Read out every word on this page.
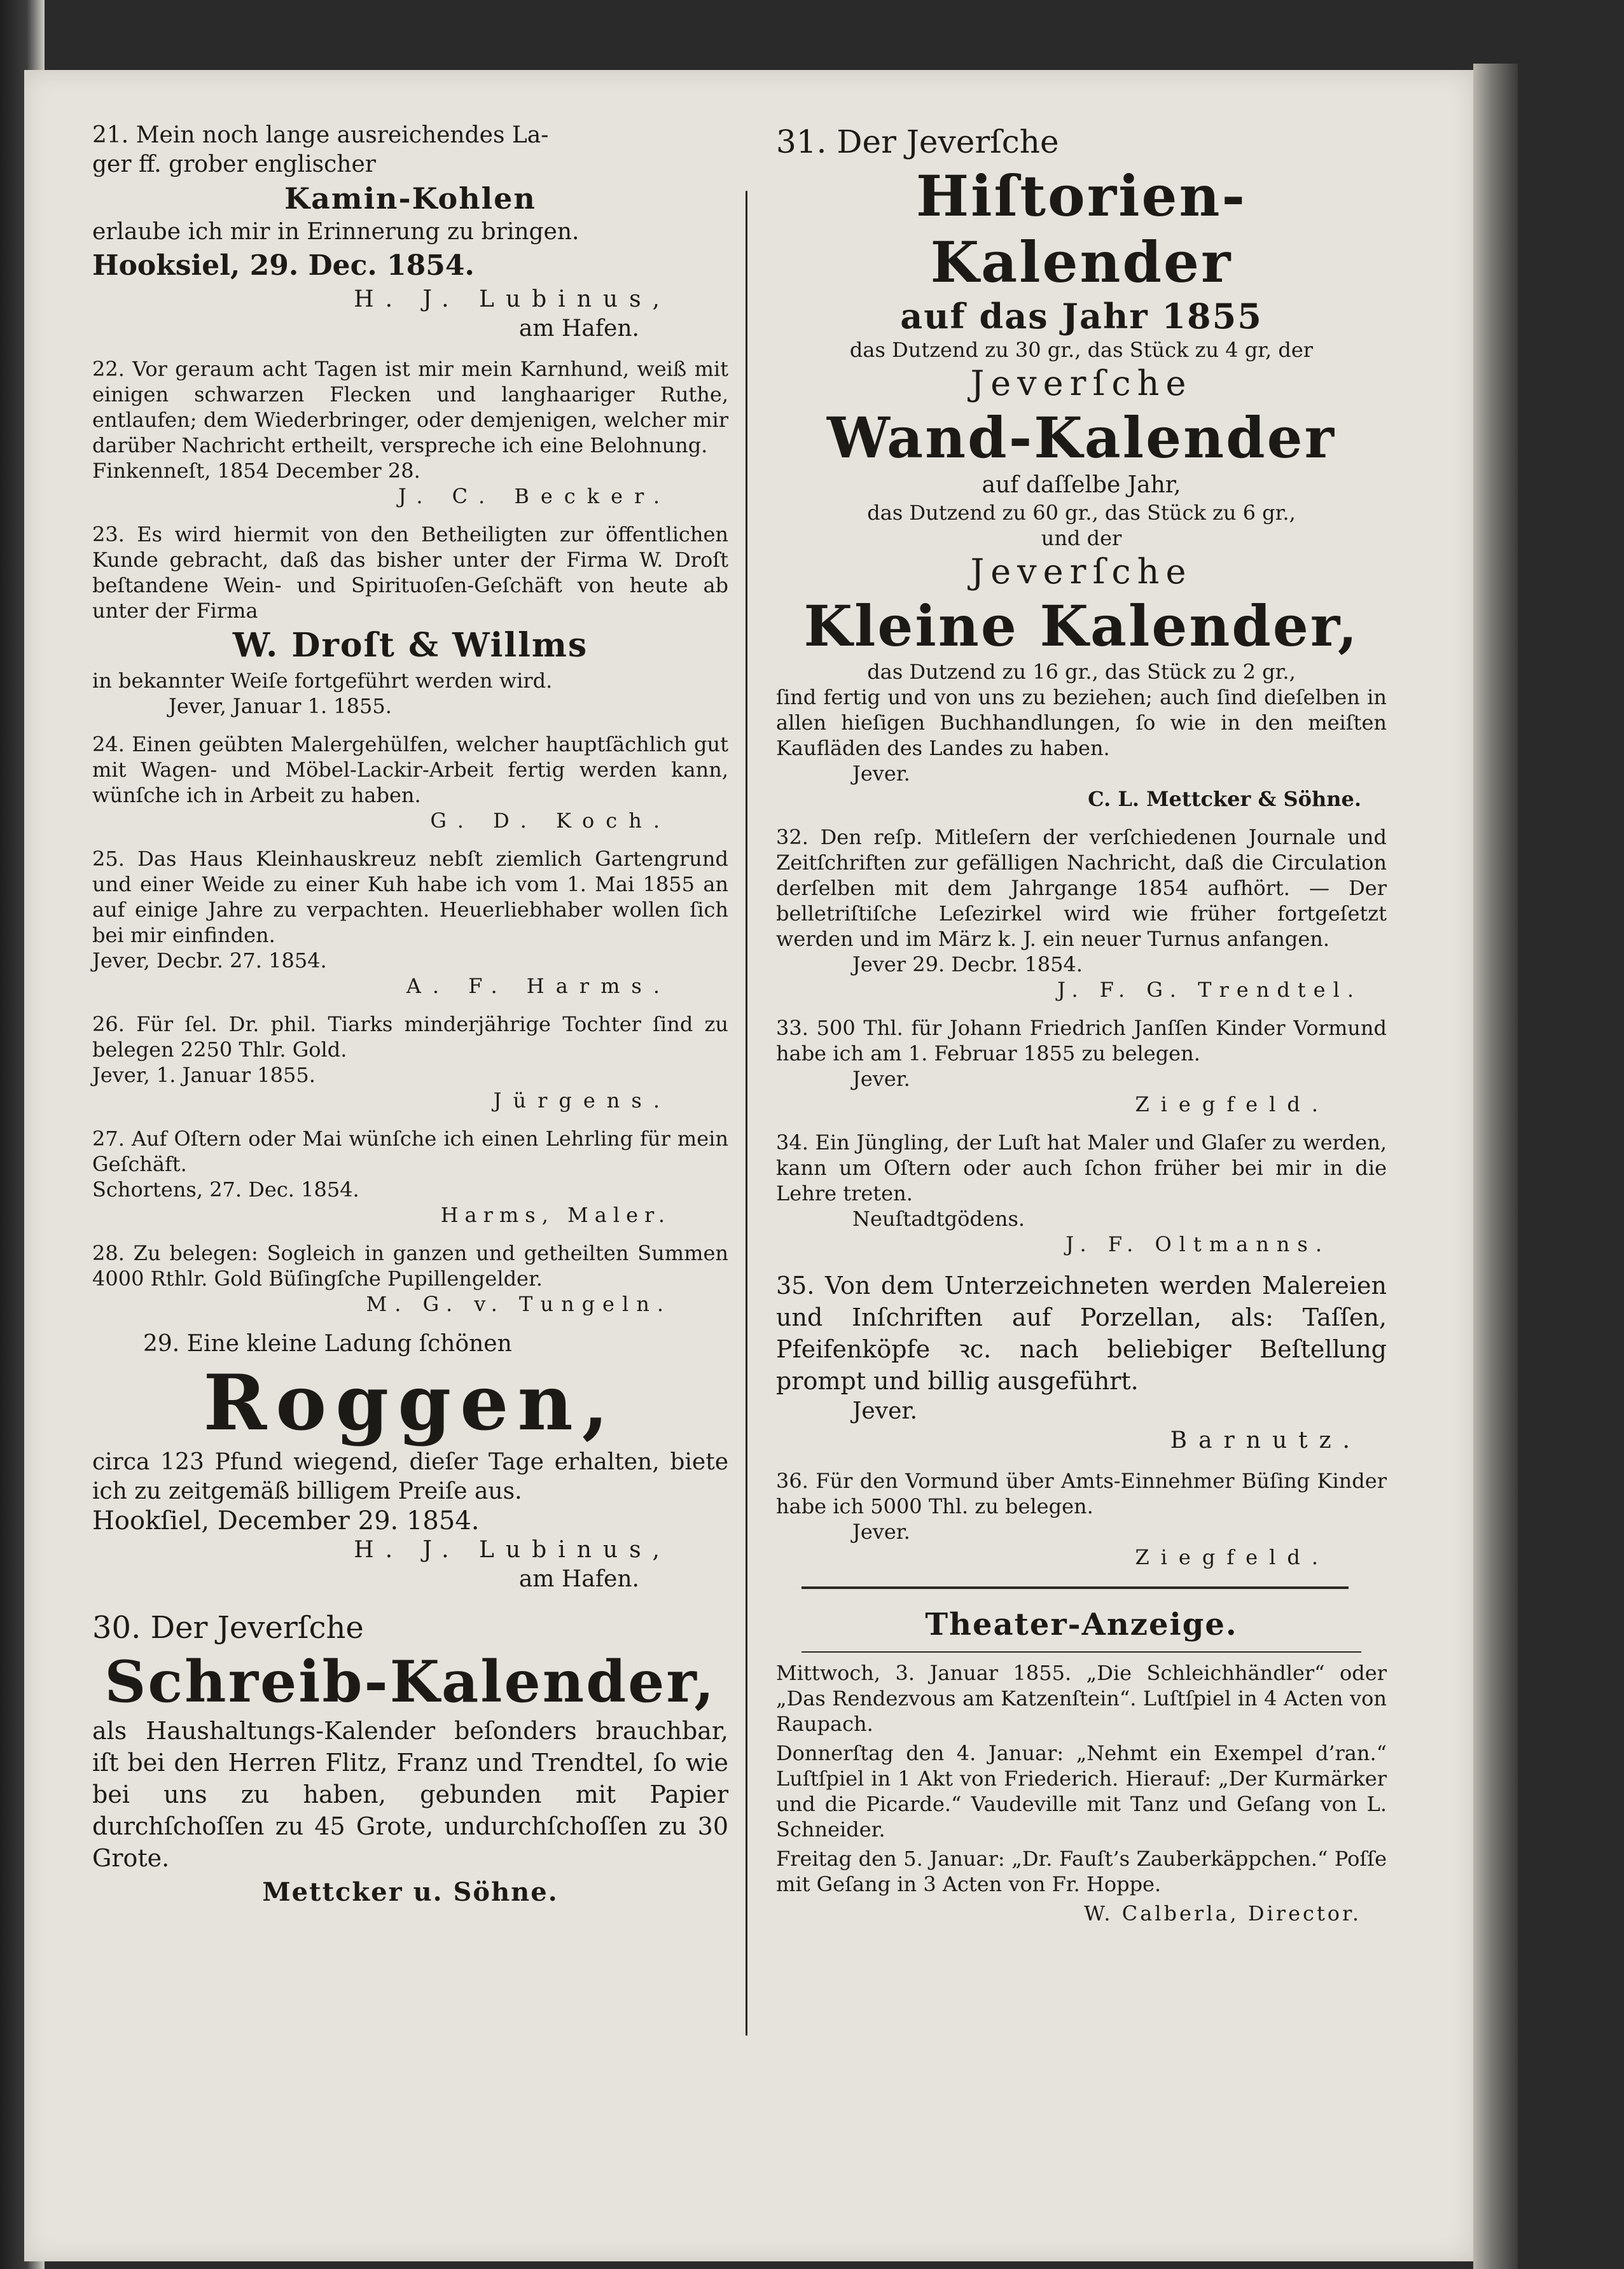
21. Mein noch lange ausreichendes La-

ger ff. grober englischer

Kamin-Kohlen

erlaube ich mir in Erinnerung zu bringen.

Hooksiel, 29. Dec. 1854.

H. J. Lubinus,

am Hafen.

22. Vor geraum acht Tagen ist mir mein Karnhund, weiß mit einigen schwarzen Flecken und langhaariger Ruthe, entlaufen; dem Wiederbringer, oder demjenigen, welcher mir darüber Nachricht ertheilt, verspreche ich eine Belohnung.

Finkenneſt, 1854 December 28.

J. C. Becker.

23. Es wird hiermit von den Betheiligten zur öffentlichen Kunde gebracht, daß das bisher unter der Firma W. Droſt beſtandene Wein- und Spirituoſen-Geſchäft von heute ab unter der Firma

W. Droſt & Willms

in bekannter Weiſe fortgeführt werden wird.

Jever, Januar 1. 1855.

24. Einen geübten Malergehülfen, welcher hauptſächlich gut mit Wagen- und Möbel-Lackir-Arbeit fertig werden kann, wünſche ich in Arbeit zu haben.

G. D. Koch.

25. Das Haus Kleinhauskreuz nebſt ziemlich Gartengrund und einer Weide zu einer Kuh habe ich vom 1. Mai 1855 an auf einige Jahre zu verpachten. Heuerliebhaber wollen ſich bei mir einfinden.

Jever, Decbr. 27. 1854.

A. F. Harms.

26. Für ſel. Dr. phil. Tiarks minderjährige Tochter ſind zu belegen 2250 Thlr. Gold.

Jever, 1. Januar 1855.

Jürgens.

27. Auf Oſtern oder Mai wünſche ich einen Lehrling für mein Geſchäft.

Schortens, 27. Dec. 1854.

Harms, Maler.

28. Zu belegen: Sogleich in ganzen und getheilten Summen 4000 Rthlr. Gold Büſingſche Pupillengelder.

M. G. v. Tungeln.

29. Eine kleine Ladung ſchönen

Roggen,

circa 123 Pfund wiegend, dieſer Tage erhalten, biete ich zu zeitgemäß billigem Preiſe aus.

Hookſiel, December 29. 1854.

H. J. Lubinus,

am Hafen.

30. Der Jeverſche

Schreib-Kalender,

als Haushaltungs-Kalender beſonders brauchbar, iſt bei den Herren Flitz, Franz und Trendtel, ſo wie bei uns zu haben, gebunden mit Papier durchſchoſſen zu 45 Grote, undurchſchoſſen zu 30 Grote.

Mettcker u. Söhne.

31. Der Jeverſche

Hiſtorien-Kalender

auf das Jahr 1855

das Dutzend zu 30 gr., das Stück zu 4 gr, der

Jeverſche

Wand-Kalender

auf daſſelbe Jahr,

das Dutzend zu 60 gr., das Stück zu 6 gr.,

und der

Jeverſche

Kleine Kalender,

das Dutzend zu 16 gr., das Stück zu 2 gr.,

ſind fertig und von uns zu beziehen; auch ſind dieſelben in allen hieſigen Buchhandlungen, ſo wie in den meiſten Kaufläden des Landes zu haben.

Jever.

C. L. Mettcker & Söhne.

32. Den reſp. Mitleſern der verſchiedenen Journale und Zeitſchriften zur gefälligen Nachricht, daß die Circulation derſelben mit dem Jahrgange 1854 aufhört. — Der belletriſtiſche Leſezirkel wird wie früher fortgeſetzt werden und im März k. J. ein neuer Turnus anfangen.

Jever 29. Decbr. 1854.

J. F. G. Trendtel.

33. 500 Thl. für Johann Friedrich Janſſen Kinder Vormund habe ich am 1. Februar 1855 zu belegen.

Jever.

Ziegfeld.

34. Ein Jüngling, der Luſt hat Maler und Glaſer zu werden, kann um Oſtern oder auch ſchon früher bei mir in die Lehre treten.

Neuſtadtgödens.

J. F. Oltmanns.

35. Von dem Unterzeichneten werden Malereien und Inſchriften auf Porzellan, als: Taſſen, Pfeifenköpfe ꝛc. nach beliebiger Beſtellung prompt und billig ausgeführt.

Jever.

Barnutz.

36. Für den Vormund über Amts-Einnehmer Büſing Kinder habe ich 5000 Thl. zu belegen.

Jever.

Ziegfeld.

Theater-Anzeige.

Mittwoch, 3. Januar 1855. „Die Schleichhändler“ oder „Das Rendezvous am Katzenſtein“. Luſtſpiel in 4 Acten von Raupach.

Donnerſtag den 4. Januar: „Nehmt ein Exempel d’ran.“ Luſtſpiel in 1 Akt von Friederich. Hierauf: „Der Kurmärker und die Picarde.“ Vaudeville mit Tanz und Geſang von L. Schneider.

Freitag den 5. Januar: „Dr. Fauſt’s Zauberkäppchen.“ Poſſe mit Geſang in 3 Acten von Fr. Hoppe.

W. Calberla, Director.
